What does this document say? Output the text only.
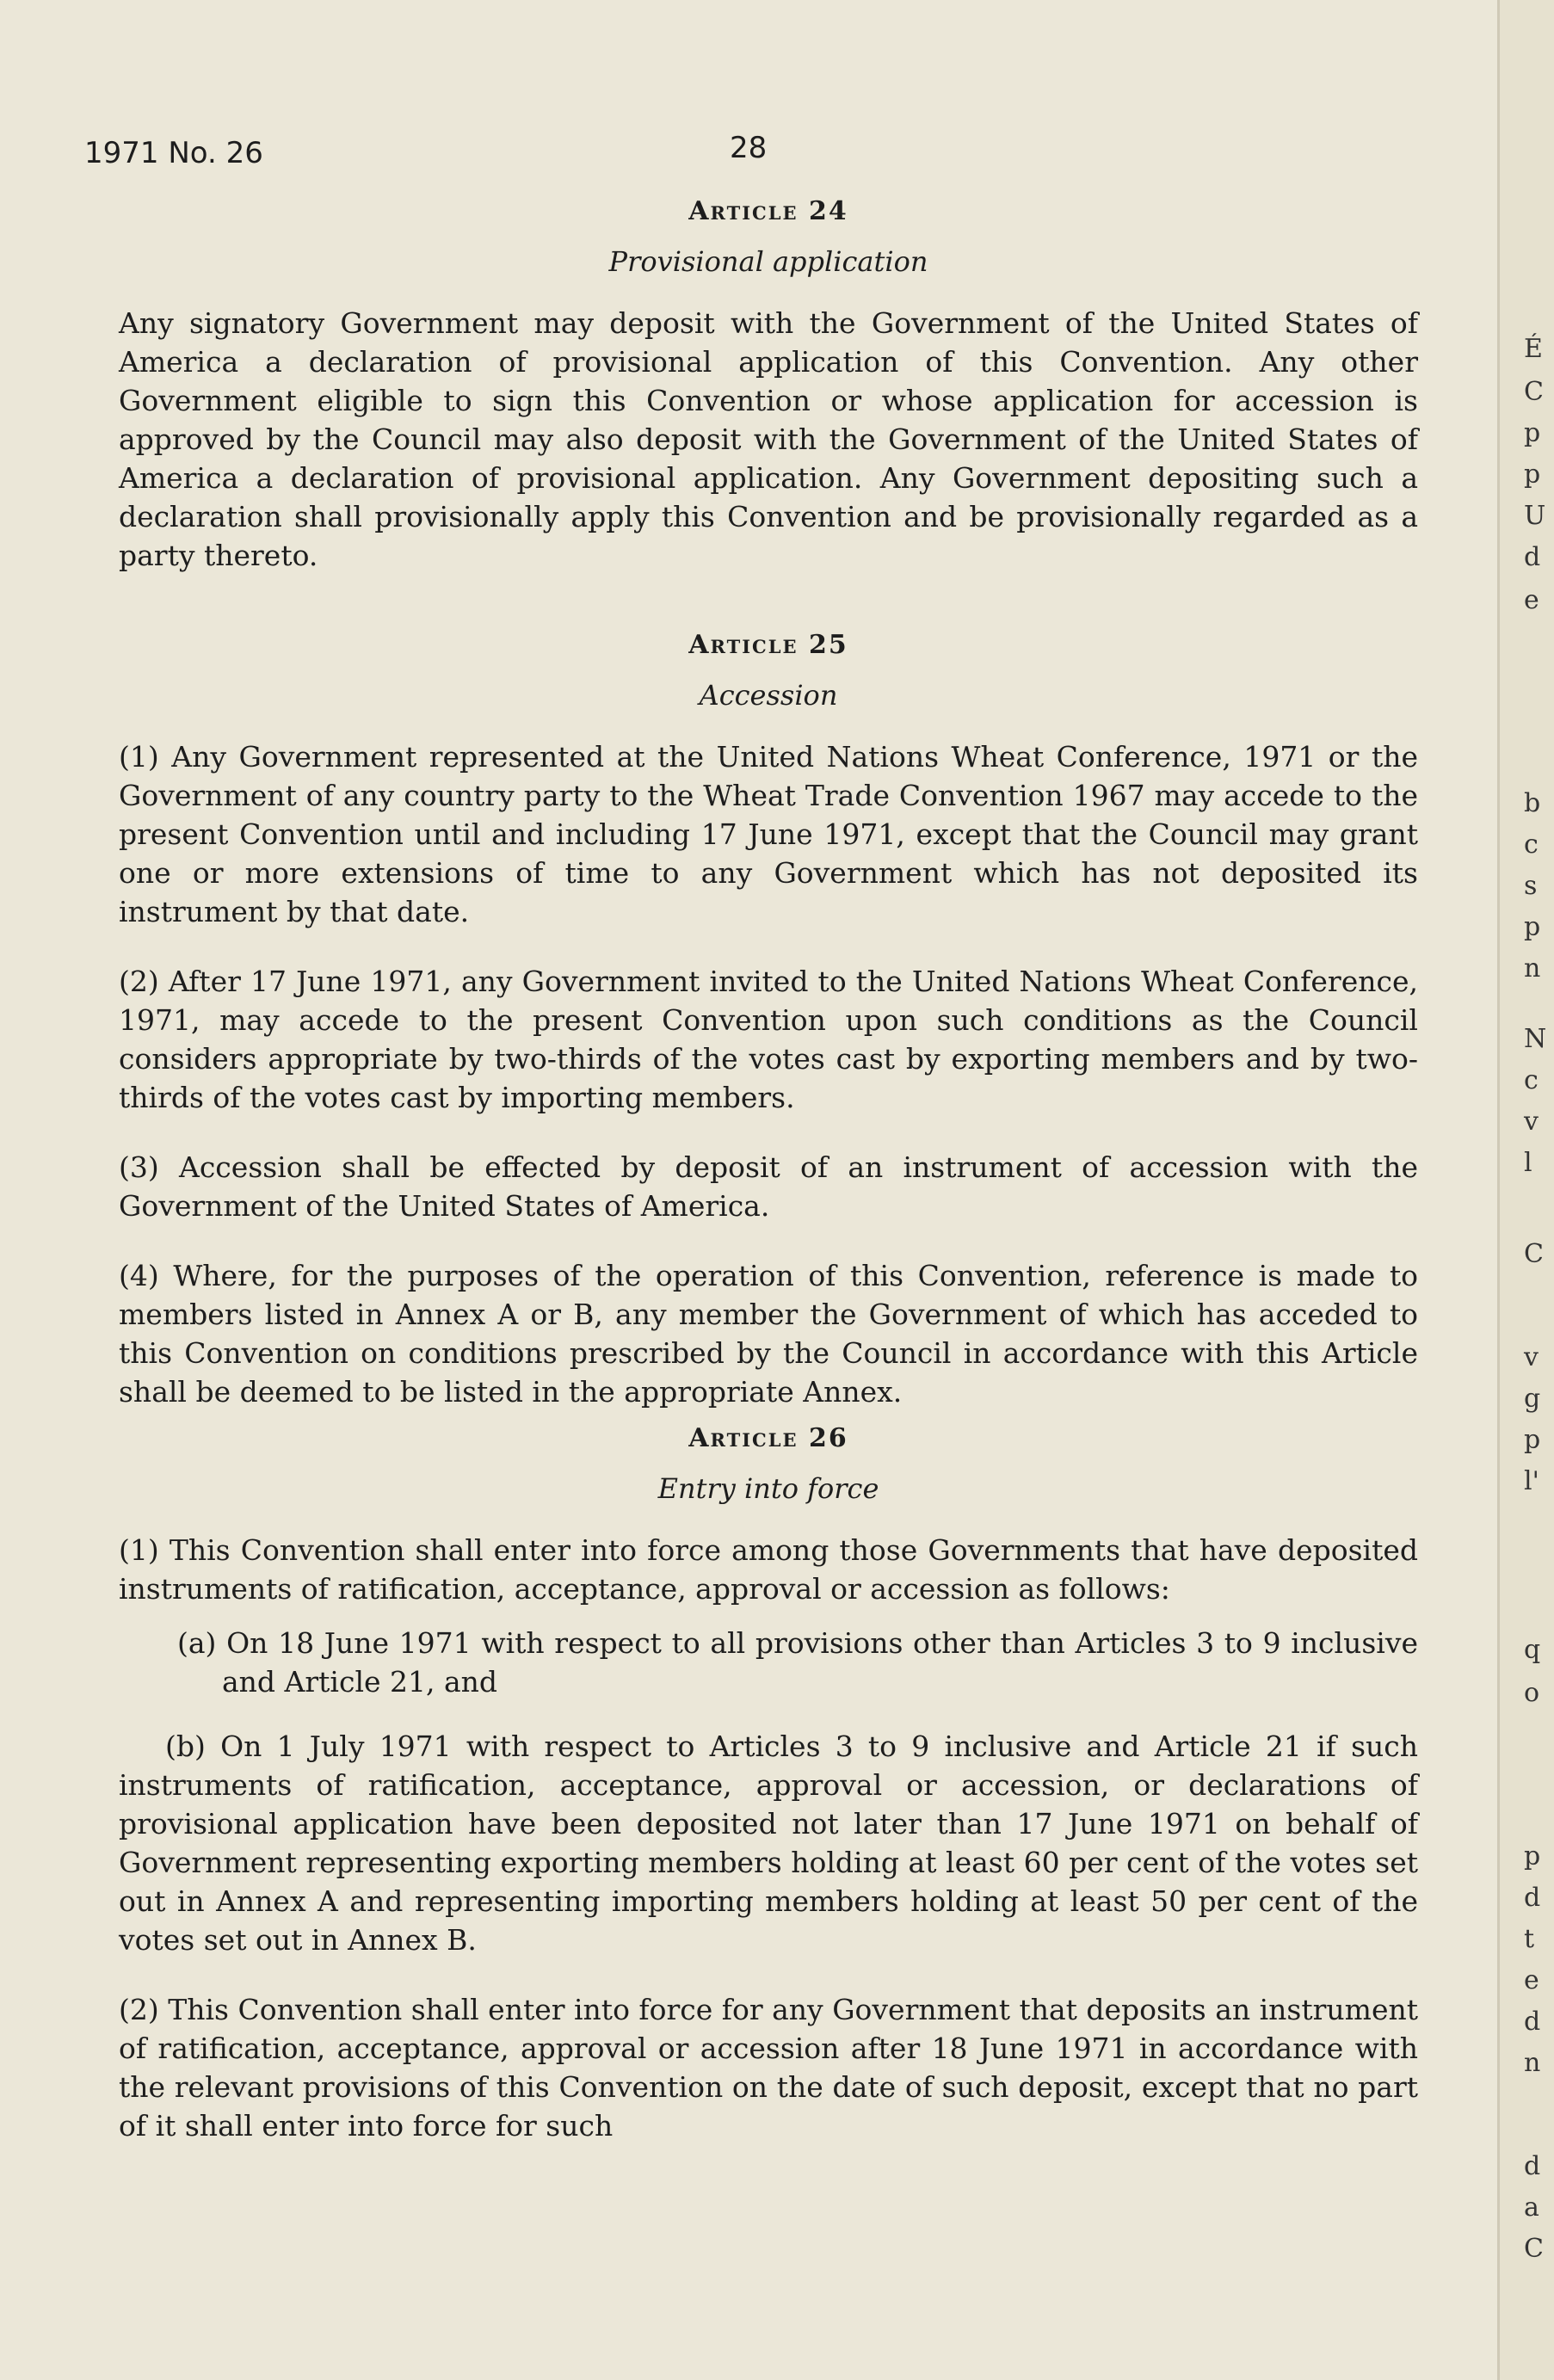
1971 No. 26	28
Article 24
Provisional application

Any signatory Government may deposit with the Government of the United States of America a declaration of provisional application of this Convention. Any other Government eligible to sign this Convention or whose application for accession is approved by the Council may also deposit with the Government of the United States of America a declaration of provisional application. Any Government depositing such a declaration shall provisionally apply this Convention and be provisionally regarded as a party thereto.

Article 25
Accession

(1) Any Government represented at the United Nations Wheat Conference, 1971 or the Government of any country party to the Wheat Trade Convention 1967 may accede to the present Convention until and including 17 June 1971, except that the Council may grant one or more extensions of time to any Government which has not deposited its instrument by that date.

(2) After 17 June 1971, any Government invited to the United Nations Wheat Conference, 1971, may accede to the present Convention upon such conditions as the Council considers appropriate by two-thirds of the votes cast by exporting members and by two-thirds of the votes cast by importing members.

(3) Accession shall be effected by deposit of an instrument of accession with the Government of the United States of America.

(4) Where, for the purposes of the operation of this Convention, reference is made to members listed in Annex A or B, any member the Government of which has acceded to this Convention on conditions prescribed by the Council in accordance with this Article shall be deemed to be listed in the appropriate Annex.

Article 26
Entry into force

(1) This Convention shall enter into force among those Governments that have deposited instruments of ratification, acceptance, approval or accession as follows:

(a) On 18 June 1971 with respect to all provisions other than Articles 3 to 9 inclusive and Article 21, and

(b) On 1 July 1971 with respect to Articles 3 to 9 inclusive and Article 21 if such instruments of ratification, acceptance, approval or accession, or declarations of provisional application have been deposited not later than 17 June 1971 on behalf of Government representing exporting members holding at least 60 per cent of the votes set out in Annex A and representing importing members holding at least 50 per cent of the votes set out in Annex B.

(2) This Convention shall enter into force for any Government that deposits an instrument of ratification, acceptance, approval or accession after 18 June 1971 in accordance with the relevant provisions of this Convention on the date of such deposit, except that no part of it shall enter into force for such

É
C
p
p
U
d
e
b
c
s
p
n
N
c
v
l
C
v
g
p
l'
q
o
p
d
t
e
d
n
d
a
C
